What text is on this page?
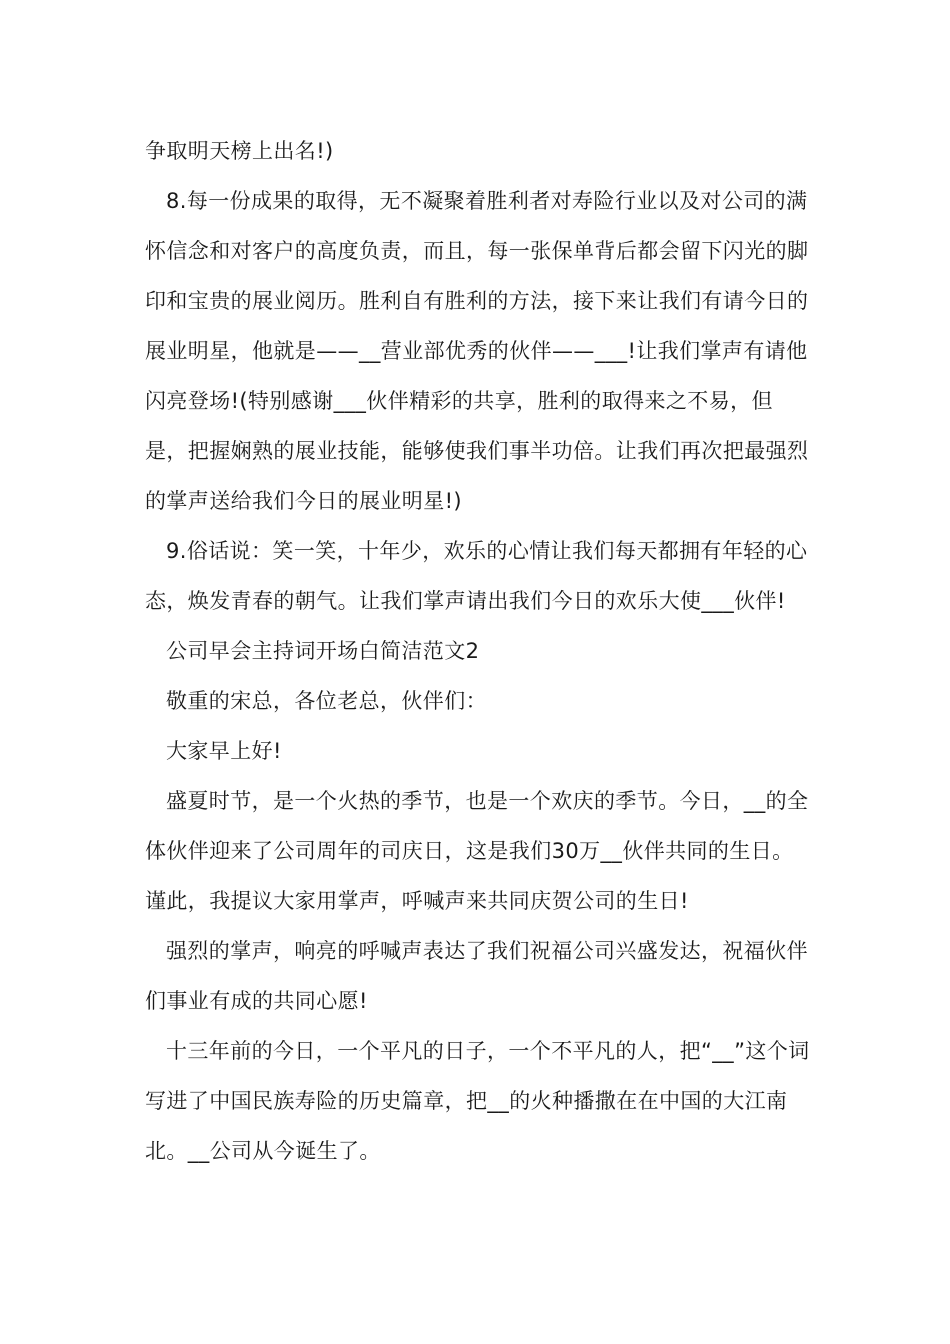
争取明天榜上出名!)

8.每一份成果的取得，无不凝聚着胜利者对寿险行业以及对公司的满怀信念和对客户的高度负责，而且，每一张保单背后都会留下闪光的脚印和宝贵的展业阅历。胜利自有胜利的方法，接下来让我们有请今日的展业明星，他就是——__营业部优秀的伙伴——___!让我们掌声有请他闪亮登场!(特别感谢___伙伴精彩的共享，胜利的取得来之不易，但是，把握娴熟的展业技能，能够使我们事半功倍。让我们再次把最强烈的掌声送给我们今日的展业明星!)

9.俗话说：笑一笑，十年少，欢乐的心情让我们每天都拥有年轻的心态，焕发青春的朝气。让我们掌声请出我们今日的欢乐大使___伙伴!

公司早会主持词开场白简洁范文2

敬重的宋总，各位老总，伙伴们：

大家早上好!

盛夏时节，是一个火热的季节，也是一个欢庆的季节。今日，__的全体伙伴迎来了公司周年的司庆日，这是我们30万__伙伴共同的生日。谨此，我提议大家用掌声，呼喊声来共同庆贺公司的生日!

强烈的掌声，响亮的呼喊声表达了我们祝福公司兴盛发达，祝福伙伴们事业有成的共同心愿!

十三年前的今日，一个平凡的日子，一个不平凡的人，把“__”这个词写进了中国民族寿险的历史篇章，把__的火种播撒在在中国的大江南北。__公司从今诞生了。
